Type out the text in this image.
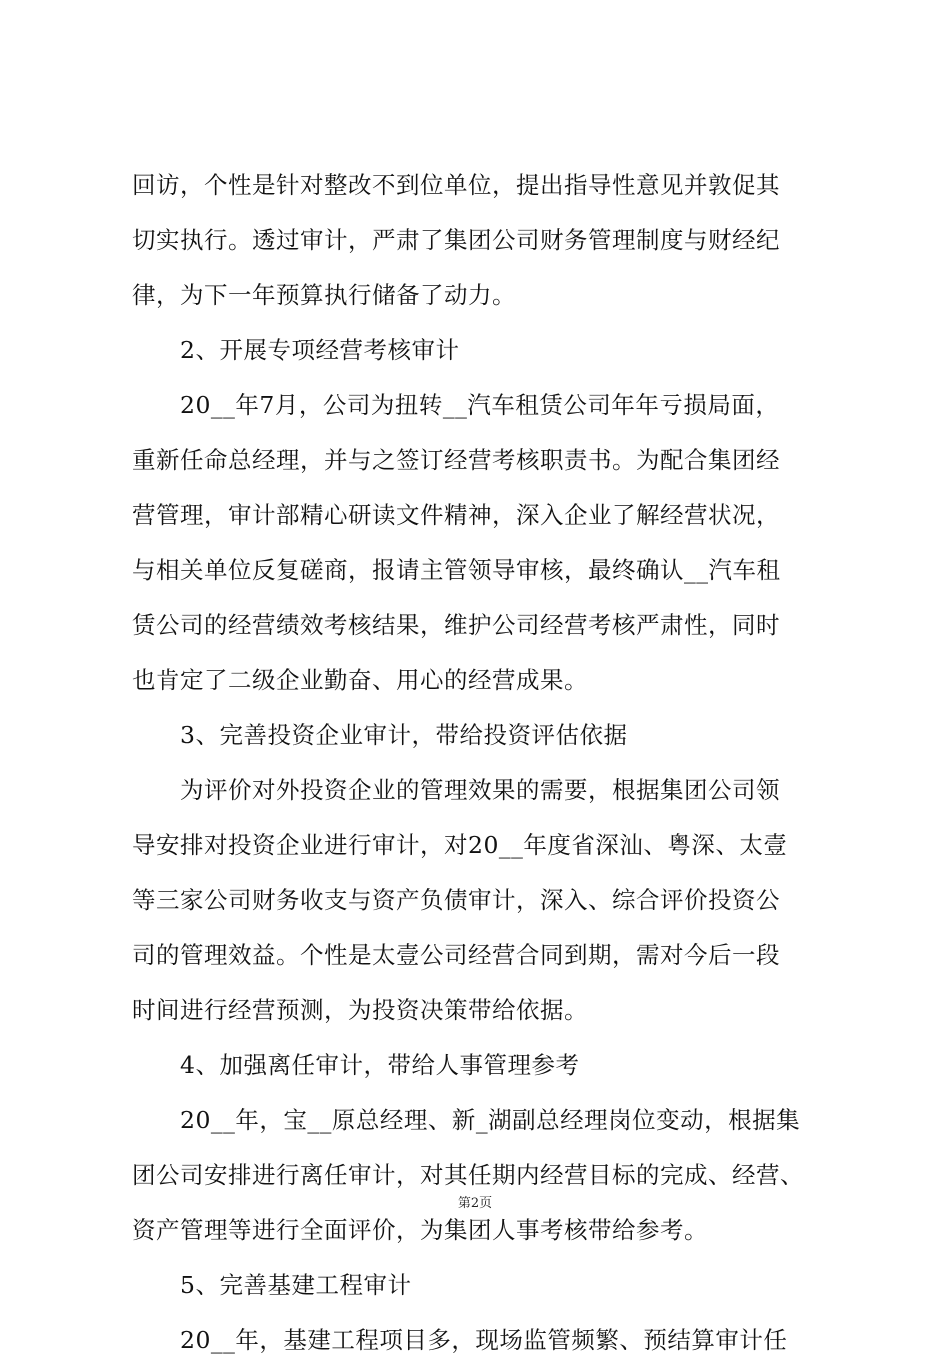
回访，个性是针对整改不到位单位，提出指导性意见并敦促其
切实执行。透过审计，严肃了集团公司财务管理制度与财经纪
律，为下一年预算执行储备了动力。
　　2、开展专项经营考核审计
　　20__年7月，公司为扭转__汽车租赁公司年年亏损局面，
重新任命总经理，并与之签订经营考核职责书。为配合集团经
营管理，审计部精心研读文件精神，深入企业了解经营状况，
与相关单位反复磋商，报请主管领导审核，最终确认__汽车租
赁公司的经营绩效考核结果，维护公司经营考核严肃性，同时
也肯定了二级企业勤奋、用心的经营成果。
　　3、完善投资企业审计，带给投资评估依据
　　为评价对外投资企业的管理效果的需要，根据集团公司领
导安排对投资企业进行审计，对20__年度省深汕、粤深、太壹
等三家公司财务收支与资产负债审计，深入、综合评价投资公
司的管理效益。个性是太壹公司经营合同到期，需对今后一段
时间进行经营预测，为投资决策带给依据。
　　4、加强离任审计，带给人事管理参考
　　20__年，宝__原总经理、新_湖副总经理岗位变动，根据集
团公司安排进行离任审计，对其任期内经营目标的完成、经营、
资产管理等进行全面评价，为集团人事考核带给参考。
　　5、完善基建工程审计
　　20__年，基建工程项目多，现场监管频繁、预结算审计任
第2页
